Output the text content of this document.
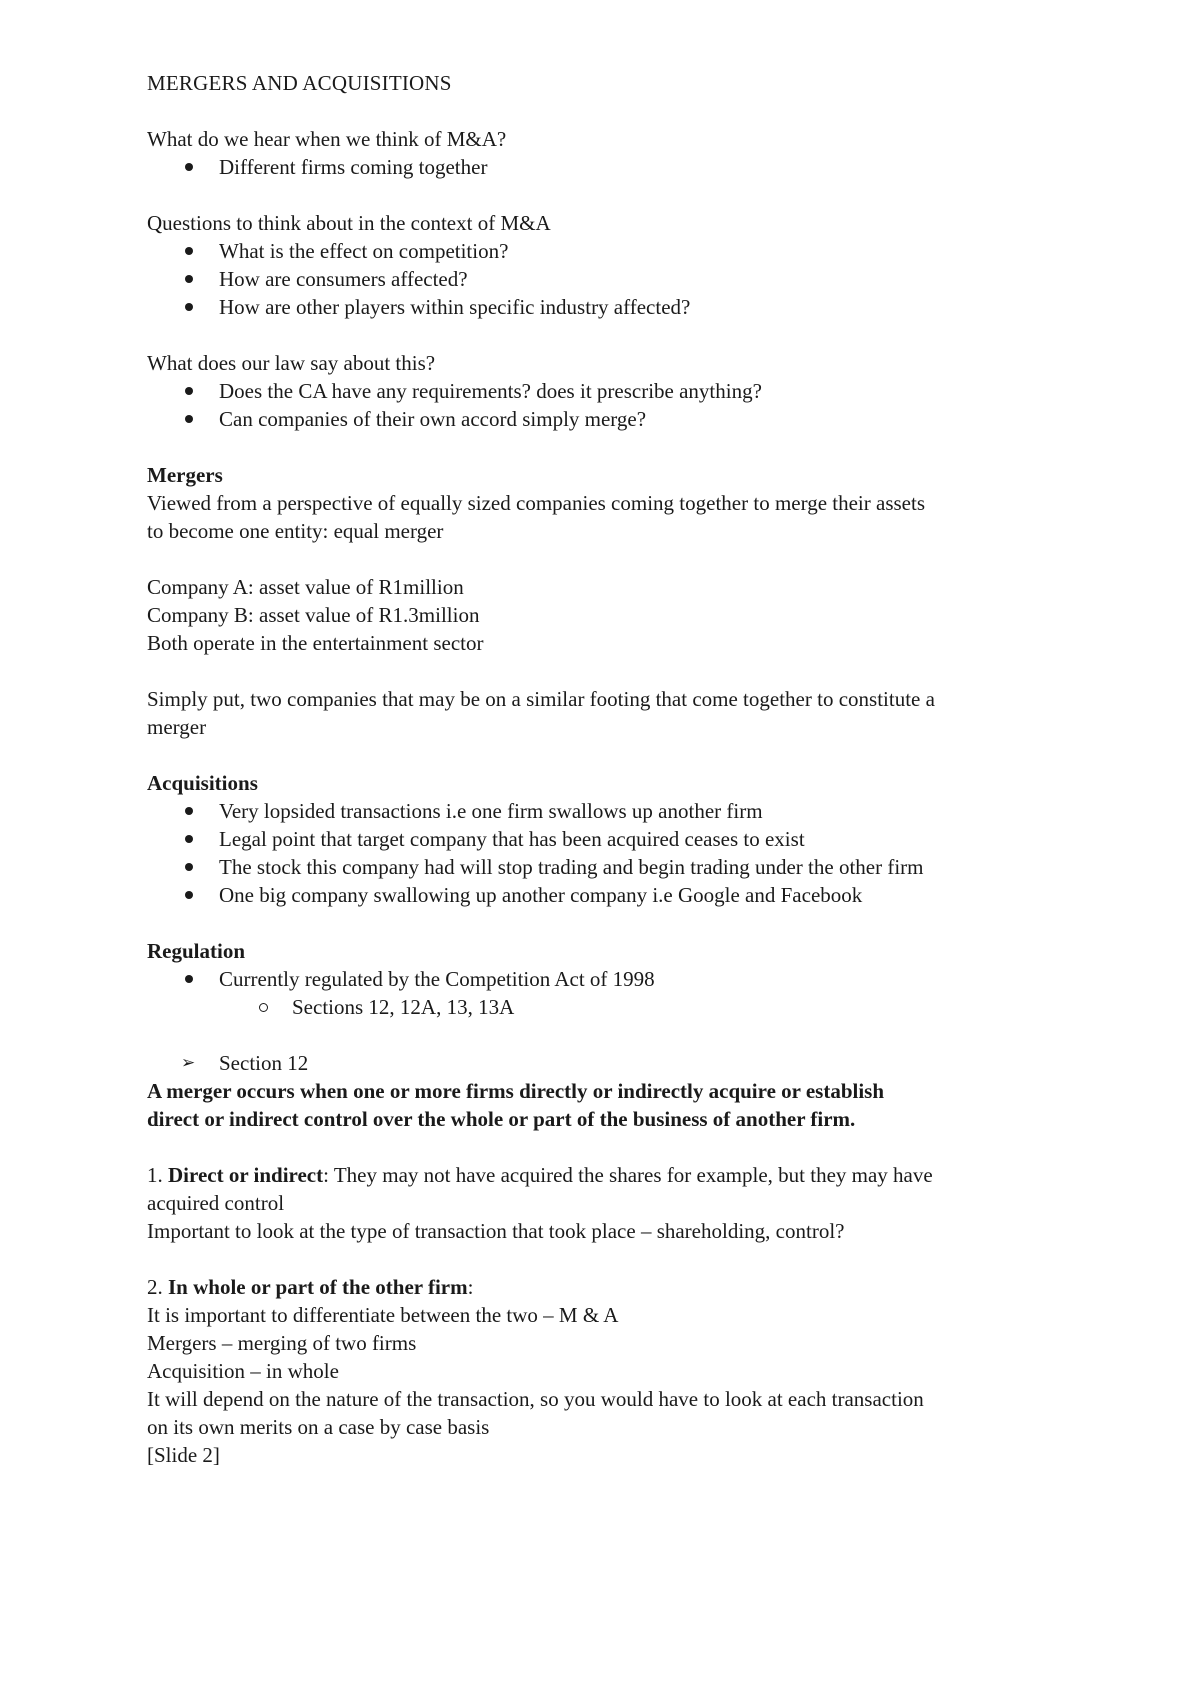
MERGERS AND ACQUISITIONS
What do we hear when we think of M&A?
Different firms coming together
Questions to think about in the context of M&A
What is the effect on competition?
How are consumers affected?
How are other players within specific industry affected?
What does our law say about this?
Does the CA have any requirements? does it prescribe anything?
Can companies of their own accord simply merge?
Mergers
Viewed from a perspective of equally sized companies coming together to merge their assets
to become one entity: equal merger
Company A: asset value of R1million
Company B: asset value of R1.3million
Both operate in the entertainment sector
Simply put, two companies that may be on a similar footing that come together to constitute a
merger
Acquisitions
Very lopsided transactions i.e one firm swallows up another firm
Legal point that target company that has been acquired ceases to exist
The stock this company had will stop trading and begin trading under the other firm
One big company swallowing up another company i.e Google and Facebook
Regulation
Currently regulated by the Competition Act of 1998
Sections 12, 12A, 13, 13A
➢ Section 12
A merger occurs when one or more firms directly or indirectly acquire or establish
direct or indirect control over the whole or part of the business of another firm.
1. Direct or indirect: They may not have acquired the shares for example, but they may have
acquired control
Important to look at the type of transaction that took place – shareholding, control?
2. In whole or part of the other firm:
It is important to differentiate between the two – M & A
Mergers – merging of two firms
Acquisition – in whole
It will depend on the nature of the transaction, so you would have to look at each transaction
on its own merits on a case by case basis
[Slide 2]
